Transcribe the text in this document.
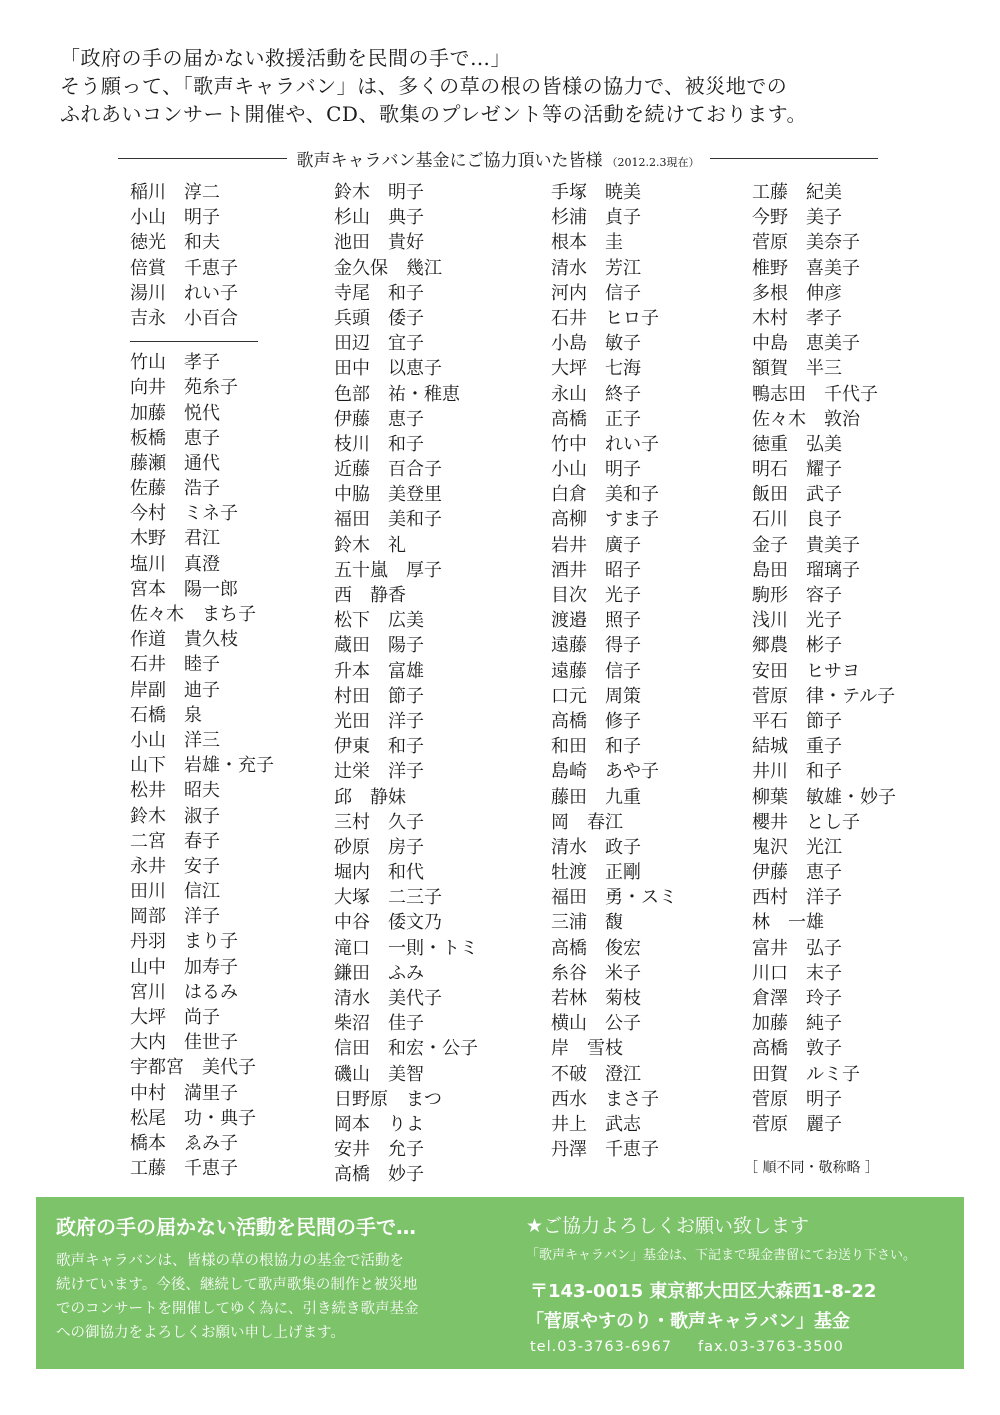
「政府の手の届かない救援活動を民間の手で…」
そう願って、「歌声キャラバン」は、多くの草の根の皆様の協力で、被災地での
ふれあいコンサート開催や、CD、歌集のプレゼント等の活動を続けております。
歌声キャラバン基金にご協力頂いた皆様 （2012.2.3現在）
稲川　淳二
小山　明子
徳光　和夫
倍賞　千恵子
湯川　れい子
吉永　小百合
竹山　孝子
向井　苑糸子
加藤　悦代
板橋　恵子
藤瀬　通代
佐藤　浩子
今村　ミネ子
木野　君江
塩川　真澄
宮本　陽一郎
佐々木　まち子
作道　貴久枝
石井　睦子
岸副　迪子
石橋　泉
小山　洋三
山下　岩雄・充子
松井　昭夫
鈴木　淑子
二宮　春子
永井　安子
田川　信江
岡部　洋子
丹羽　まり子
山中　加寿子
宮川　はるみ
大坪　尚子
大内　佳世子
宇都宮　美代子
中村　満里子
松尾　功・典子
橋本　ゑみ子
工藤　千恵子
鈴木　明子
杉山　典子
池田　貴好
金久保　幾江
寺尾　和子
兵頭　倭子
田辺　宜子
田中　以恵子
色部　祐・稚恵
伊藤　恵子
枝川　和子
近藤　百合子
中脇　美登里
福田　美和子
鈴木　礼
五十嵐　厚子
西　静香
松下　広美
蔵田　陽子
升本　富雄
村田　節子
光田　洋子
伊東　和子
辻栄　洋子
邱　静妹
三村　久子
砂原　房子
堀内　和代
大塚　二三子
中谷　倭文乃
滝口　一則・トミ
鎌田　ふみ
清水　美代子
柴沼　佳子
信田　和宏・公子
磯山　美智
日野原　まつ
岡本　りよ
安井　允子
高橋　妙子
手塚　暁美
杉浦　貞子
根本　圭
清水　芳江
河内　信子
石井　ヒロ子
小島　敏子
大坪　七海
永山　終子
高橋　正子
竹中　れい子
小山　明子
白倉　美和子
高柳　すま子
岩井　廣子
酒井　昭子
目次　光子
渡邉　照子
遠藤　得子
遠藤　信子
口元　周策
高橋　修子
和田　和子
島崎　あや子
藤田　九重
岡　春江
清水　政子
牡渡　正剛
福田　勇・スミ
三浦　馥
高橋　俊宏
糸谷　米子
若林　菊枝
横山　公子
岸　雪枝
不破　澄江
西水　まさ子
井上　武志
丹澤　千恵子
工藤　紀美
今野　美子
菅原　美奈子
椎野　喜美子
多根　伸彦
木村　孝子
中島　恵美子
額賀　半三
鴨志田　千代子
佐々木　敦治
徳重　弘美
明石　耀子
飯田　武子
石川　良子
金子　貴美子
島田　瑠璃子
駒形　容子
浅川　光子
郷農　彬子
安田　ヒサヨ
菅原　律・テル子
平石　節子
結城　重子
井川　和子
柳葉　敏雄・妙子
櫻井　とし子
鬼沢　光江
伊藤　恵子
西村　洋子
林　一雄
富井　弘子
川口　末子
倉澤　玲子
加藤　純子
高橋　敦子
田賀　ルミ子
菅原　明子
菅原　麗子
［ 順不同・敬称略 ］
政府の手の届かない活動を民間の手で…
歌声キャラバンは、皆様の草の根協力の基金で活動を
続けています。今後、継続して歌声歌集の制作と被災地
でのコンサートを開催してゆく為に、引き続き歌声基金
への御協力をよろしくお願い申し上げます。
★ご協力よろしくお願い致します
「歌声キャラバン」基金は、下記まで現金書留にてお送り下さい。
〒143-0015 東京都大田区大森西1-8-22
「菅原やすのり・歌声キャラバン」基金
tel.03-3763-6967 fax.03-3763-3500
